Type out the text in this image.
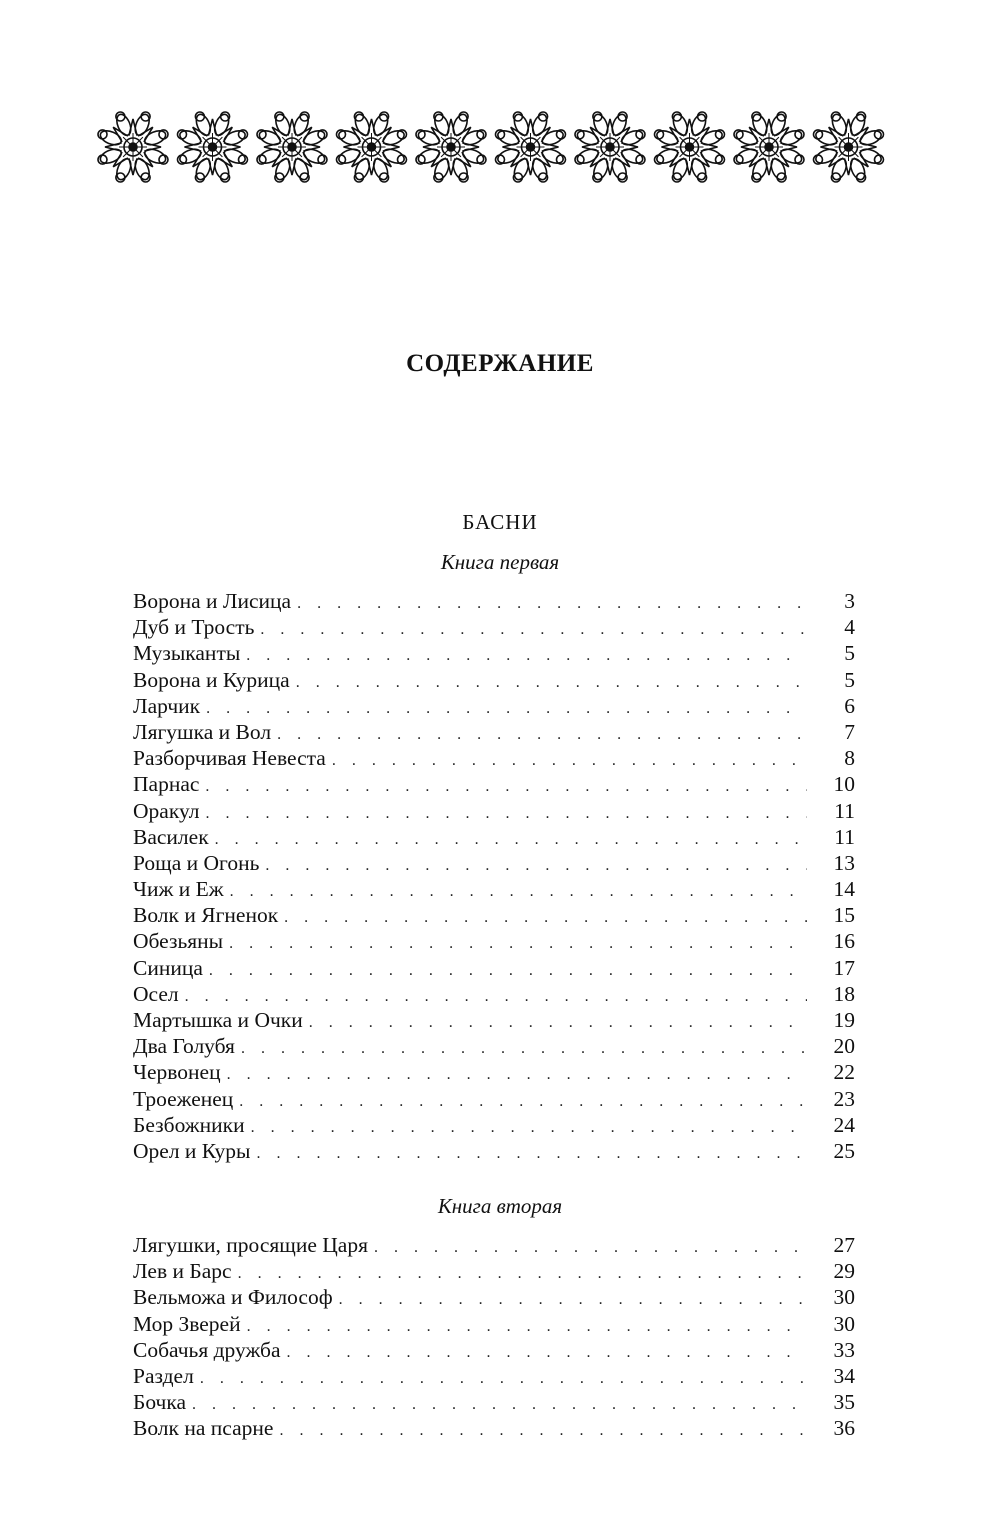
СОДЕРЖАНИЕ
БАСНИ
Книга первая
Ворона и Лисица . . .	3
Дуб и Трость . . .	4
Музыканты . . .	5
Ворона и Курица . . .	5
Ларчик . . .	6
Лягушка и Вол . . .	7
Разборчивая Невеста . . .	8
Парнас . . .	10
Оракул . . .	11
Василек . . .	11
Роща и Огонь . . .	13
Чиж и Еж . . .	14
Волк и Ягненок . . .	15
Обезьяны . . .	16
Синица . . .	17
Осел . . .	18
Мартышка и Очки . . .	19
Два Голубя . . .	20
Червонец . . .	22
Троеженец . . .	23
Безбожники . . .	24
Орел и Куры . . .	25
Книга вторая
Лягушки, просящие Царя . . .	27
Лев и Барс . . .	29
Вельможа и Философ . . .	30
Мор Зверей . . .	30
Собачья дружба . . .	33
Раздел . . .	34
Бочка . . .	35
Волк на псарне . . .	36
